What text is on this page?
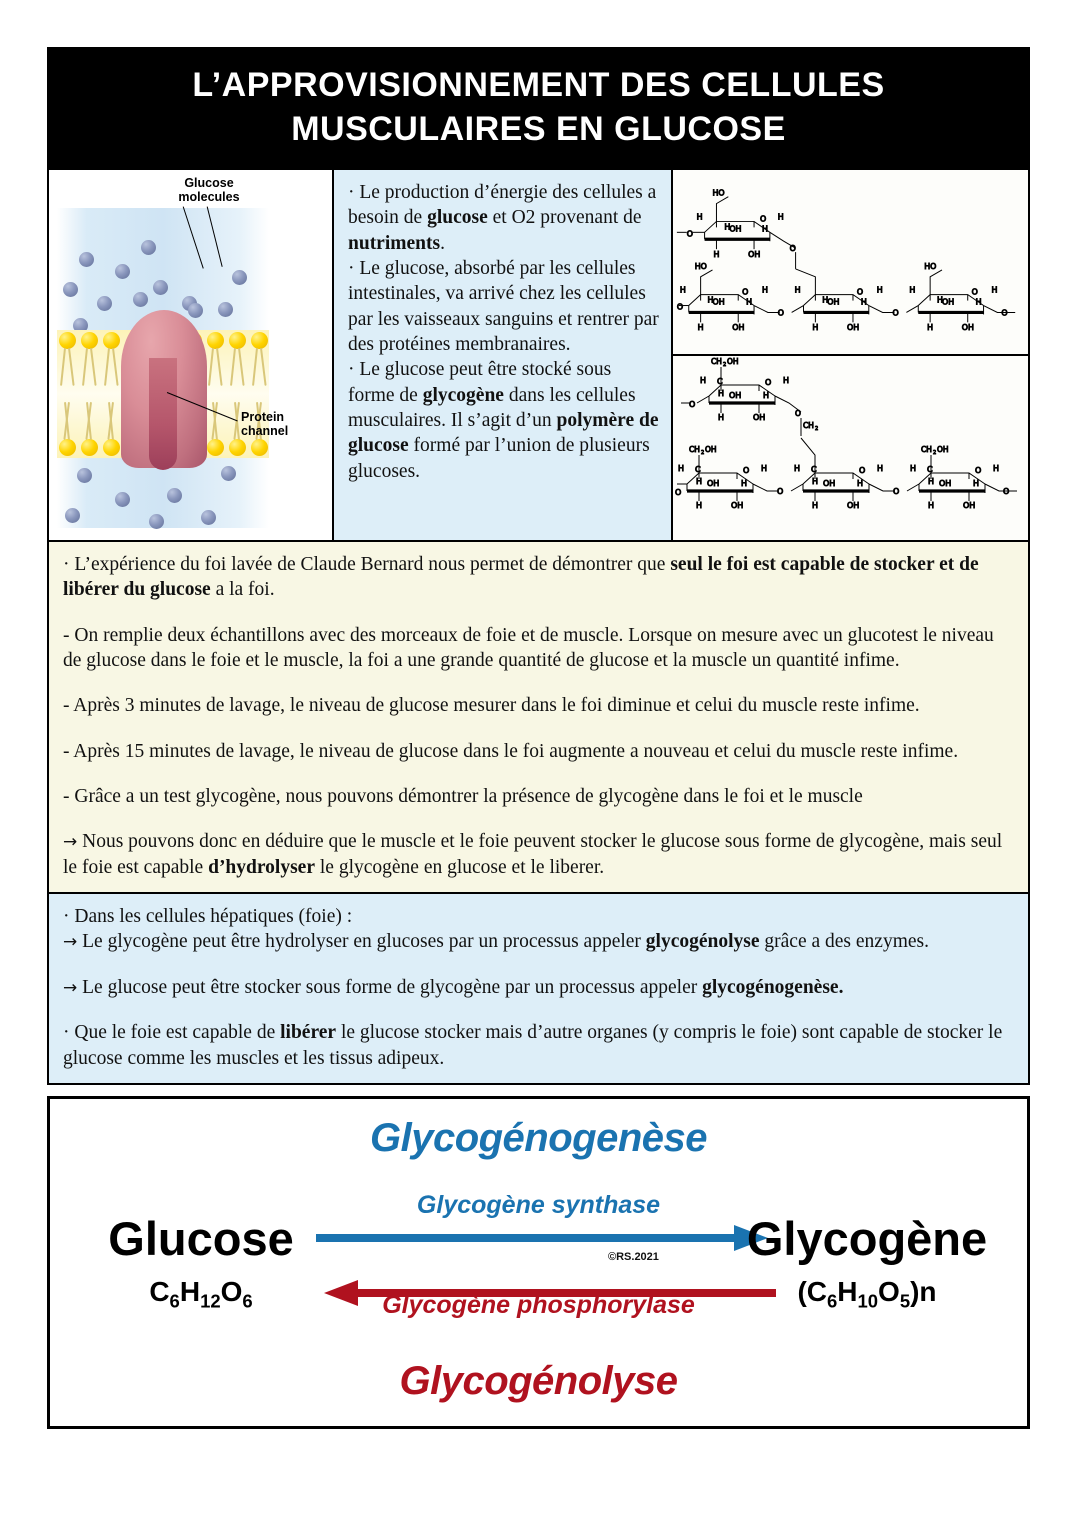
L’APPROVISIONNEMENT DES CELLULES
MUSCULAIRES EN GLUCOSE
Glucose
molecules
Protein
channel

· Le production d’énergie des cellules a besoin de glucose et O2 provenant de nutriments.

· Le glucose, absorbé par les cellules intestinales, va arrivé chez les cellules par les vaisseaux sanguins et rentrer par des protéines membranaires.

· Le glucose peut être stocké sous forme de glycogène dans les cellules musculaires. Il s’agit d’un polymère de glucose formé par l’union de plusieurs glucoses.

HO
H
H
O H
OH	H
O
H	OH
O
HO
H
H
O H
OH	H
O
H	OH
O
H
H
O H
OH	H
H	OH
O
HO
H
H
O H
OH	H
H	OH
O
CH 2 OH
C
H
H
O H
OH	H
O
H	OH	O
CH 2
CH 2 OH
C
H
H
O H
OH	H
O
H	OH
O
C
H
H
O H
OH	H
H	OH
O
CH 2 OH
C
H
H
O H
OH	H
H	OH
O

· L’expérience du foi lavée de Claude Bernard nous permet de démontrer que seul le foi est capable de stocker et de libérer du glucose a la foi.

- On remplie deux échantillons avec des morceaux de foie et de muscle. Lorsque on mesure avec un glucotest le niveau de glucose dans le foie et le muscle, la foi a une grande quantité de glucose et la muscle un quantité infime.

- Après 3 minutes de lavage, le niveau de glucose mesurer dans le foi diminue et celui du muscle reste infime.

- Après 15 minutes de lavage, le niveau de glucose dans le foi augmente a nouveau et celui du muscle reste infime.

- Grâce a un test glycogène, nous pouvons démontrer la présence de glycogène dans le foi et le muscle

→ Nous pouvons donc en déduire que le muscle et le foie peuvent stocker le glucose sous forme de glycogène, mais seul le foie est capable d’hydrolyser le glycogène en glucose et le liberer.

· Dans les cellules hépatiques (foie) :

→ Le glycogène peut être hydrolyser en glucoses par un processus appeler glycogénolyse grâce a des enzymes.

→ Le glucose peut être stocker sous forme de glycogène par un processus appeler glycogénogenèse.

· Que le foie est capable de libérer le glucose stocker mais d’autre organes (y compris le foie) sont capable de stocker le glucose comme les muscles et les tissus adipeux.

Glycogénogenèse
Glycogène synthase
Glucose
$C_6H_{12}O_6$
©RS.2021	Glycogène
$(C_6H_{10}O_5)n$
Glycogène phosphorylase
Glycogénolyse
